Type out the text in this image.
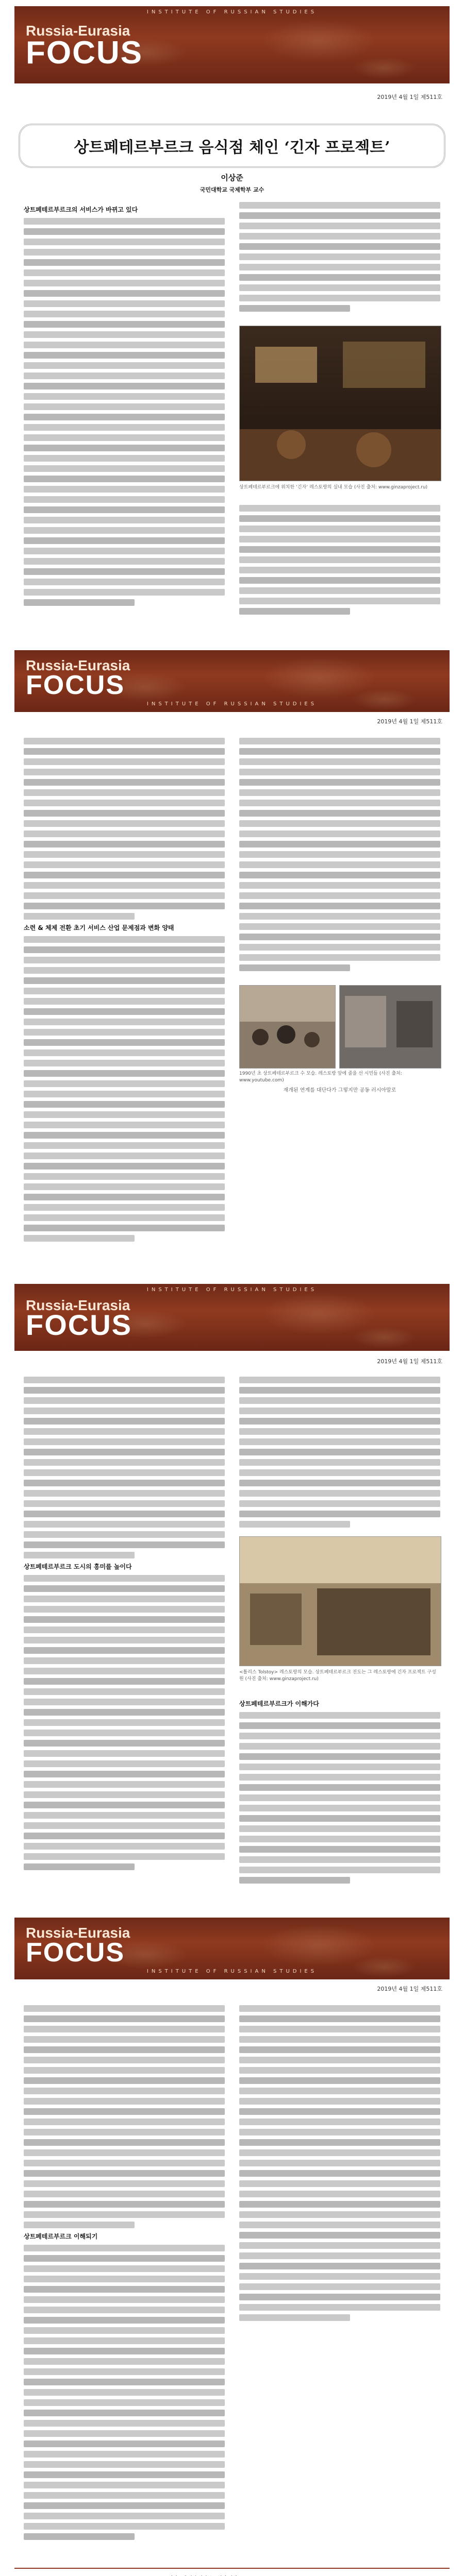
INSTITUTE OF RUSSIAN STUDIES
Russia-Eurasia
FOCUS
2019년 4월 1일 제511호
상트페테르부르크 음식점 체인 ‘긴자 프로젝트’
이상준
국민대학교 국제학부 교수
상트페테르부르크의 서비스가 바뀌고 있다
상트페테르부르크에 위치한 ‘긴자’ 레스토랑의 실내 모습 (사진 출처: www.ginzaproject.ru)
Russia-Eurasia
FOCUS
INSTITUTE OF RUSSIAN STUDIES
2019년 4월 1일 제511호
소련 & 체제 전환 초기 서비스 산업 문제점과 변화 양태
1990년 초 상트페테르부르크 수 모습. 레스토랑 앞에 줄을 선 시민들 (사진 출처: www.youtube.com)
재개된 연계를 대단다가 그렇지만 공동 러시아말로
INSTITUTE OF RUSSIAN STUDIES
Russia-Eurasia
FOCUS
2019년 4월 1일 제511호
상트페테르부르크 도시의 흥미를 높이다
<톨리스 Tolstoy> 레스토랑의 모습. 상트페테르부르크 진도는 그 레스토랑에 긴자 프로젝트 구성원 (사진 출처: www.ginzaproject.ru)
상트페테르부르크가 이해가다
Russia-Eurasia
FOCUS
INSTITUTE OF RUSSIAN STUDIES
2019년 4월 1일 제511호
상트페테르부르크 이해되기
